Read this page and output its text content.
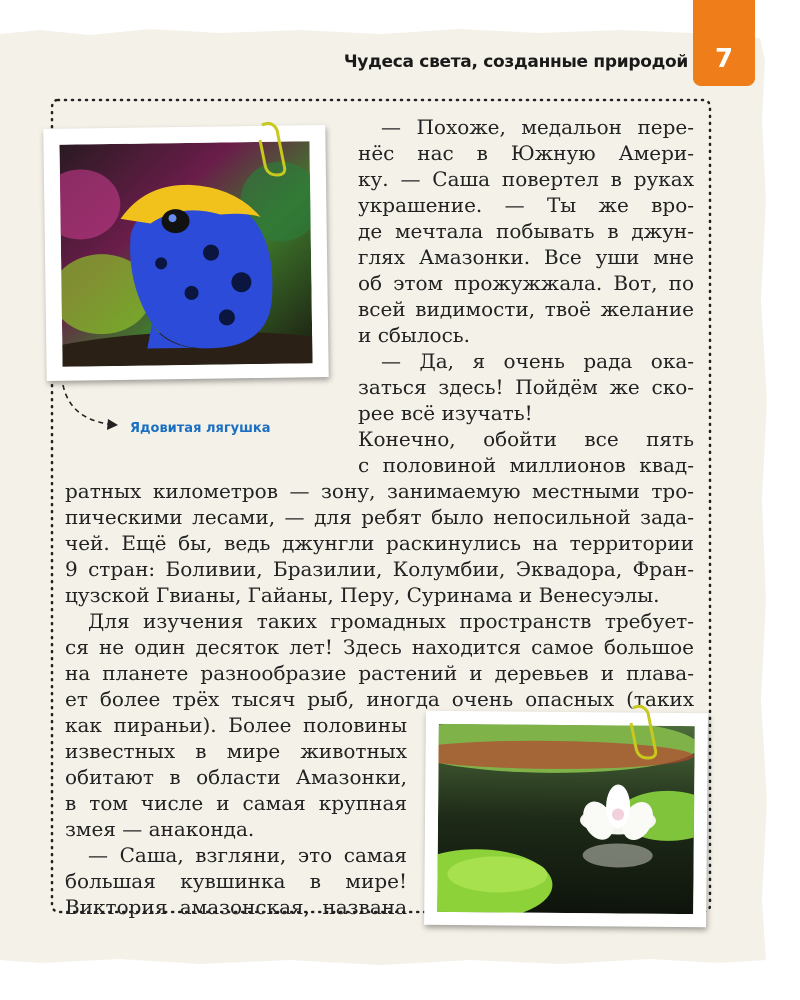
7
Чудеса света, созданные природой
Ядовитая лягушка
— Похоже, медальон пере-
нёс нас в Южную Амери-
ку. — Саша повертел в руках
украшение. — Ты же вро-
де мечтала побывать в джун-
глях Амазонки. Все уши мне
об этом прожужжала. Вот, по
всей видимости, твоё желание
и сбылось.
— Да, я очень рада ока-
заться здесь! Пойдём же ско-
рее всё изучать!
Конечно, обойти все пять
с половиной миллионов квад-
ратных километров — зону, занимаемую местными тро-
пическими лесами, — для ребят было непосильной зада-
чей. Ещё бы, ведь джунгли раскинулись на территории
9 стран: Боливии, Бразилии, Колумбии, Эквадора, Фран-
цузской Гвианы, Гайаны, Перу, Суринама и Венесуэлы.
Для изучения таких громадных пространств требует-
ся не один десяток лет! Здесь находится самое большое
на планете разнообразие растений и деревьев и плава-
ет более трёх тысяч рыб, иногда очень опасных (таких
как пираньи). Более половины
известных в мире животных
обитают в области Амазонки,
в том числе и самая крупная
змея — анаконда.
— Саша, взгляни, это самая
большая кувшинка в мире!
Виктория амазонская, названа
